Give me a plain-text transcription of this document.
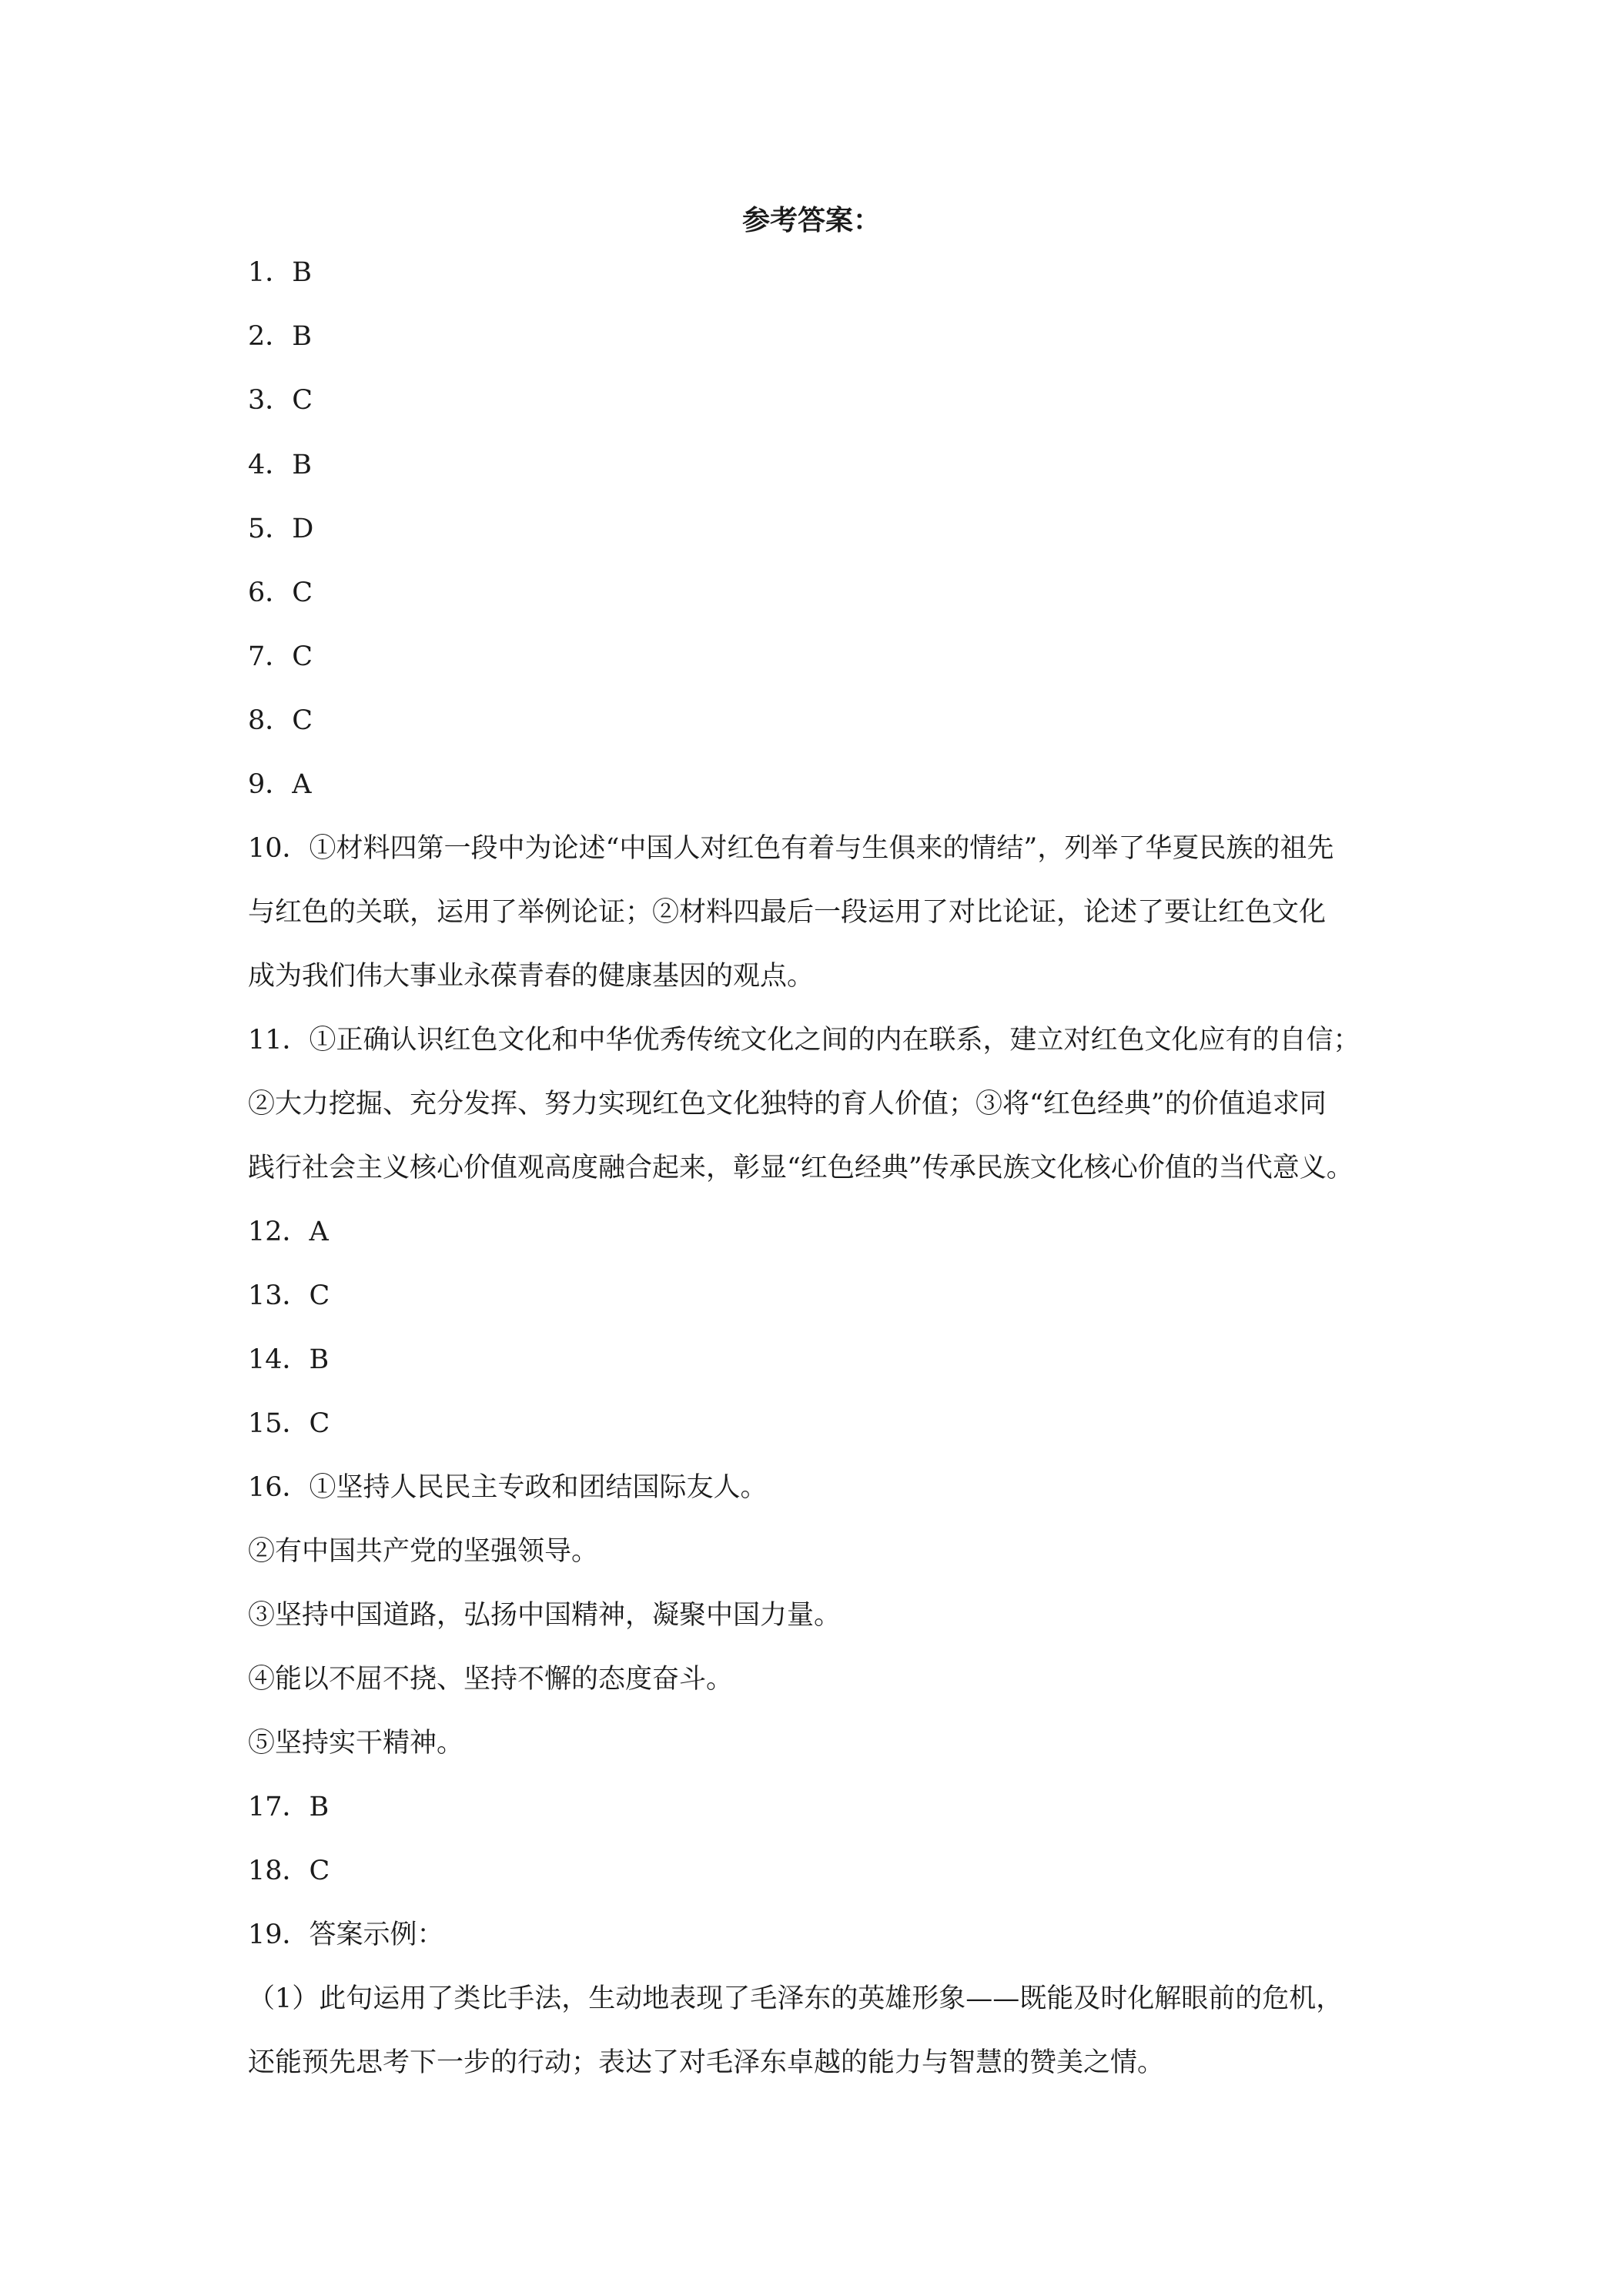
参考答案：
1．B
2．B
3．C
4．B
5．D
6．C
7．C
8．C
9．A
10．①材料四第一段中为论述“中国人对红色有着与生俱来的情结”，列举了华夏民族的祖先
与红色的关联，运用了举例论证；②材料四最后一段运用了对比论证，论述了要让红色文化
成为我们伟大事业永葆青春的健康基因的观点。
11．①正确认识红色文化和中华优秀传统文化之间的内在联系，建立对红色文化应有的自信；
②大力挖掘、充分发挥、努力实现红色文化独特的育人价值；③将“红色经典”的价值追求同
践行社会主义核心价值观高度融合起来，彰显“红色经典”传承民族文化核心价值的当代意义。
12．A
13．C
14．B
15．C
16．①坚持人民民主专政和团结国际友人。
②有中国共产党的坚强领导。
③坚持中国道路，弘扬中国精神，凝聚中国力量。
④能以不屈不挠、坚持不懈的态度奋斗。
⑤坚持实干精神。
17．B
18．C
19．答案示例：
（1）此句运用了类比手法，生动地表现了毛泽东的英雄形象——既能及时化解眼前的危机，
还能预先思考下一步的行动；表达了对毛泽东卓越的能力与智慧的赞美之情。
